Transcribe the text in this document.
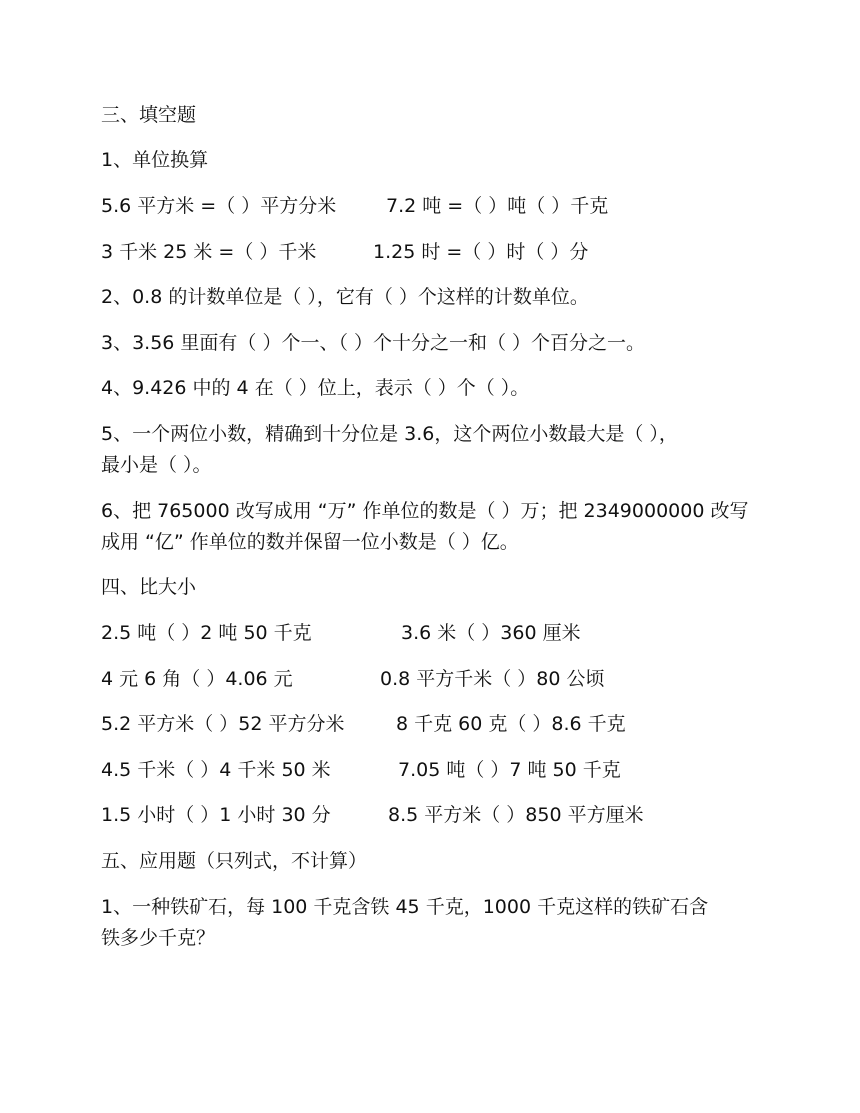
三、填空题
1、单位换算
5.6 平方米 =（ ）平方分米	7.2 吨 =（ ）吨（ ）千克
3 千米 25 米 =（ ）千米	1.25 时 =（ ）时（ ）分
2、0.8 的计数单位是（ ），它有（ ）个这样的计数单位。
3、3.56 里面有（ ）个一、（ ）个十分之一和（ ）个百分之一。
4、9.426 中的 4 在（ ）位上，表示（ ）个（ ）。
5、一个两位小数，精确到十分位是 3.6，这个两位小数最大是（ ），
最小是（ ）。
6、把 765000 改写成用 “万” 作单位的数是（ ）万；把 2349000000 改写
成用 “亿” 作单位的数并保留一位小数是（ ）亿。
四、比大小
2.5 吨（ ）2 吨 50 千克	3.6 米（ ）360 厘米
4 元 6 角（ ）4.06 元	0.8 平方千米（ ）80 公顷
5.2 平方米（ ）52 平方分米	8 千克 60 克（ ）8.6 千克
4.5 千米（ ）4 千米 50 米	7.05 吨（ ）7 吨 50 千克
1.5 小时（ ）1 小时 30 分	8.5 平方米（ ）850 平方厘米
五、应用题（只列式，不计算）
1、一种铁矿石，每 100 千克含铁 45 千克，1000 千克这样的铁矿石含
铁多少千克？
